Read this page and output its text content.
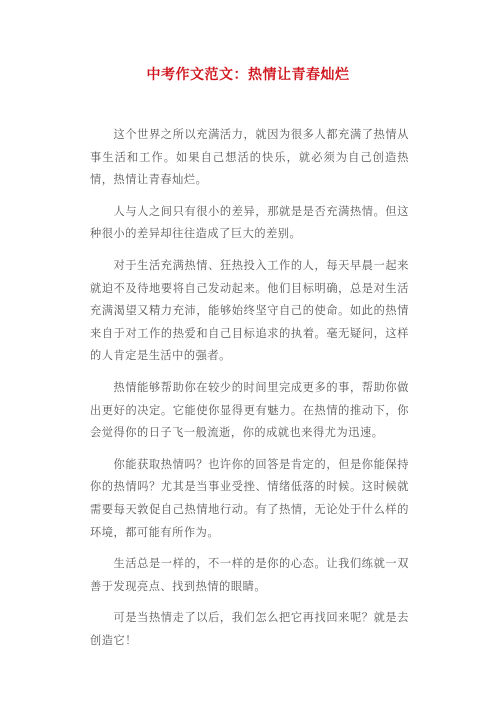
中考作文范文：热情让青春灿烂

这个世界之所以充满活力，就因为很多人都充满了热情从事生活和工作。如果自己想活的快乐，就必须为自己创造热情，热情让青春灿烂。

人与人之间只有很小的差异，那就是是否充满热情。但这种很小的差异却往往造成了巨大的差别。

对于生活充满热情、狂热投入工作的人，每天早晨一起来就迫不及待地要将自己发动起来。他们目标明确，总是对生活充满渴望又精力充沛，能够始终坚守自己的使命。如此的热情来自于对工作的热爱和自己目标追求的执着。毫无疑问，这样的人肯定是生活中的强者。

热情能够帮助你在较少的时间里完成更多的事，帮助你做出更好的决定。它能使你显得更有魅力。在热情的推动下，你会觉得你的日子飞一般流逝，你的成就也来得尤为迅速。

你能获取热情吗？也许你的回答是肯定的，但是你能保持你的热情吗？尤其是当事业受挫、情绪低落的时候。这时候就需要每天敦促自己热情地行动。有了热情，无论处于什么样的环境，都可能有所作为。

生活总是一样的，不一样的是你的心态。让我们练就一双善于发现亮点、找到热情的眼睛。

可是当热情走了以后，我们怎么把它再找回来呢？就是去创造它！
